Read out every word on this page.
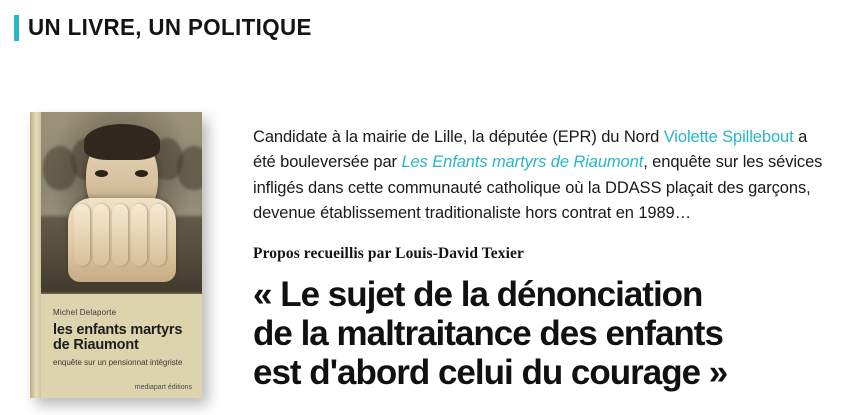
UN LIVRE, UN POLITIQUE
Michel Delaporte
les enfants martyrs
de Riaumont
enquête sur un pensionnat intégriste
mediapart éditions

Candidate à la mairie de Lille, la députée (EPR) du Nord Violette Spillebout a été bouleversée par Les Enfants martyrs de Riaumont, enquête sur les sévices infligés dans cette communauté catholique où la DDASS plaçait des garçons, devenue établissement traditionaliste hors contrat en 1989…

Propos recueillis par Louis-David Texier
« Le sujet de la dénonciation
de la maltraitance des enfants
est d'abord celui du courage »
